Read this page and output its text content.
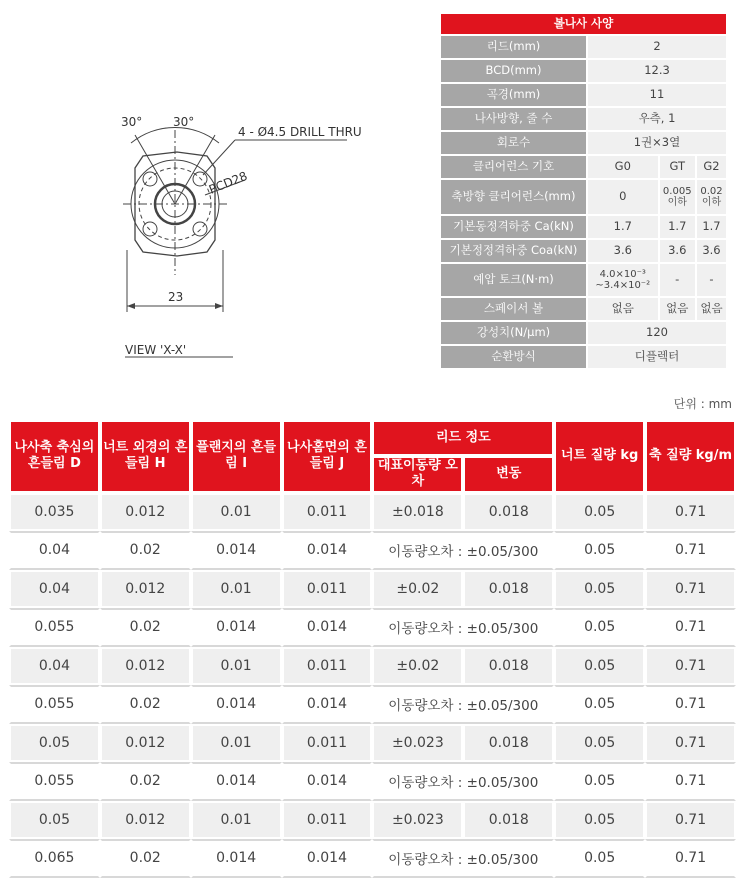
30°	30°
4 - Ø4.5 DRILL THRU
PCD28
23
VIEW 'X-X'
볼나사 사양			
리드(mm)	2		
BCD(mm)	12.3		
곡경(mm)	11		
나사방향, 줄 수	우측, 1		
회로수	1권×3열		
클리어런스 기호	G0	GT	G2
축방향 클리어런스(mm)	0	0.005 이하	0.02 이하
기본동정격하중 Ca(kN)	1.7	1.7	1.7
기본정정격하중 Coa(kN)	3.6	3.6	3.6
예압 토크(N·m)	4.0×10⁻³ ~3.4×10⁻²	-	-
스페이서 볼	없음	없음	없음
강성치(N/μm)	120		
순환방식	디플렉터		
단위 : mm
나사축 축심의 흔들림 D	너트 외경의 흔들림 H	플랜지의 흔들림 I	나사홈면의 흔들림 J	리드 정도		너트 질량 kg	축 질량 kg/m
				대표이동량 오차	변동		
0.035	0.012	0.01	0.011	±0.018	0.018	0.05	0.71
0.04	0.02	0.014	0.014	이동량오차 : ±0.05/300		0.05	0.71
0.04	0.012	0.01	0.011	±0.02	0.018	0.05	0.71
0.055	0.02	0.014	0.014	이동량오차 : ±0.05/300		0.05	0.71
0.04	0.012	0.01	0.011	±0.02	0.018	0.05	0.71
0.055	0.02	0.014	0.014	이동량오차 : ±0.05/300		0.05	0.71
0.05	0.012	0.01	0.011	±0.023	0.018	0.05	0.71
0.055	0.02	0.014	0.014	이동량오차 : ±0.05/300		0.05	0.71
0.05	0.012	0.01	0.011	±0.023	0.018	0.05	0.71
0.065	0.02	0.014	0.014	이동량오차 : ±0.05/300		0.05	0.71
